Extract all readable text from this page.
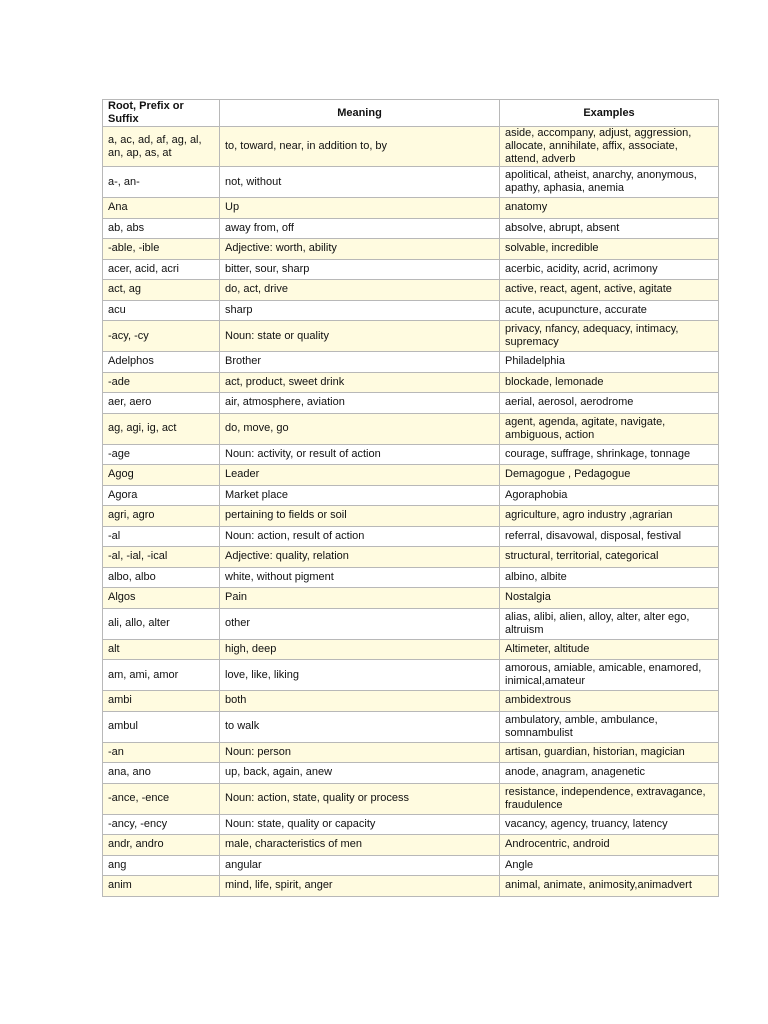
Root, Prefix or Suffix	Meaning	Examples
a, ac, ad, af, ag, al, an, ap, as, at	to, toward, near, in addition to, by	aside, accompany, adjust, aggression, allocate, annihilate, affix, associate, attend, adverb
a-, an-	not, without	apolitical, atheist, anarchy, anonymous, apathy, aphasia, anemia
Ana	Up	anatomy
ab, abs	away from, off	absolve, abrupt, absent
-able, -ible	Adjective: worth, ability	solvable, incredible
acer, acid, acri	bitter, sour, sharp	acerbic, acidity, acrid, acrimony
act, ag	do, act, drive	active, react, agent, active, agitate
acu	sharp	acute, acupuncture, accurate
-acy, -cy	Noun: state or quality	privacy, nfancy, adequacy, intimacy, supremacy
Adelphos	Brother	Philadelphia
-ade	act, product, sweet drink	blockade, lemonade
aer, aero	air, atmosphere, aviation	aerial, aerosol, aerodrome
ag, agi, ig, act	do, move, go	agent, agenda, agitate, navigate, ambiguous, action
-age	Noun: activity, or result of action	courage, suffrage, shrinkage, tonnage
Agog	Leader	Demagogue , Pedagogue
Agora	Market place	Agoraphobia
agri, agro	pertaining to fields or soil	agriculture, agro industry ,agrarian
-al	Noun: action, result of action	referral, disavowal, disposal, festival
-al, -ial, -ical	Adjective: quality, relation	structural, territorial, categorical
albo, albo	white, without pigment	albino, albite
Algos	Pain	Nostalgia
ali, allo, alter	other	alias, alibi, alien, alloy, alter, alter ego, altruism
alt	high, deep	Altimeter, altitude
am, ami, amor	love, like, liking	amorous, amiable, amicable, enamored, inimical,amateur
ambi	both	ambidextrous
ambul	to walk	ambulatory, amble, ambulance, somnambulist
-an	Noun: person	artisan, guardian, historian, magician
ana, ano	up, back, again, anew	anode, anagram, anagenetic
-ance, -ence	Noun: action, state, quality or process	resistance, independence, extravagance, fraudulence
-ancy, -ency	Noun: state, quality or capacity	vacancy, agency, truancy, latency
andr, andro	male, characteristics of men	Androcentric, android
ang	angular	Angle
anim	mind, life, spirit, anger	animal, animate, animosity,animadvert
